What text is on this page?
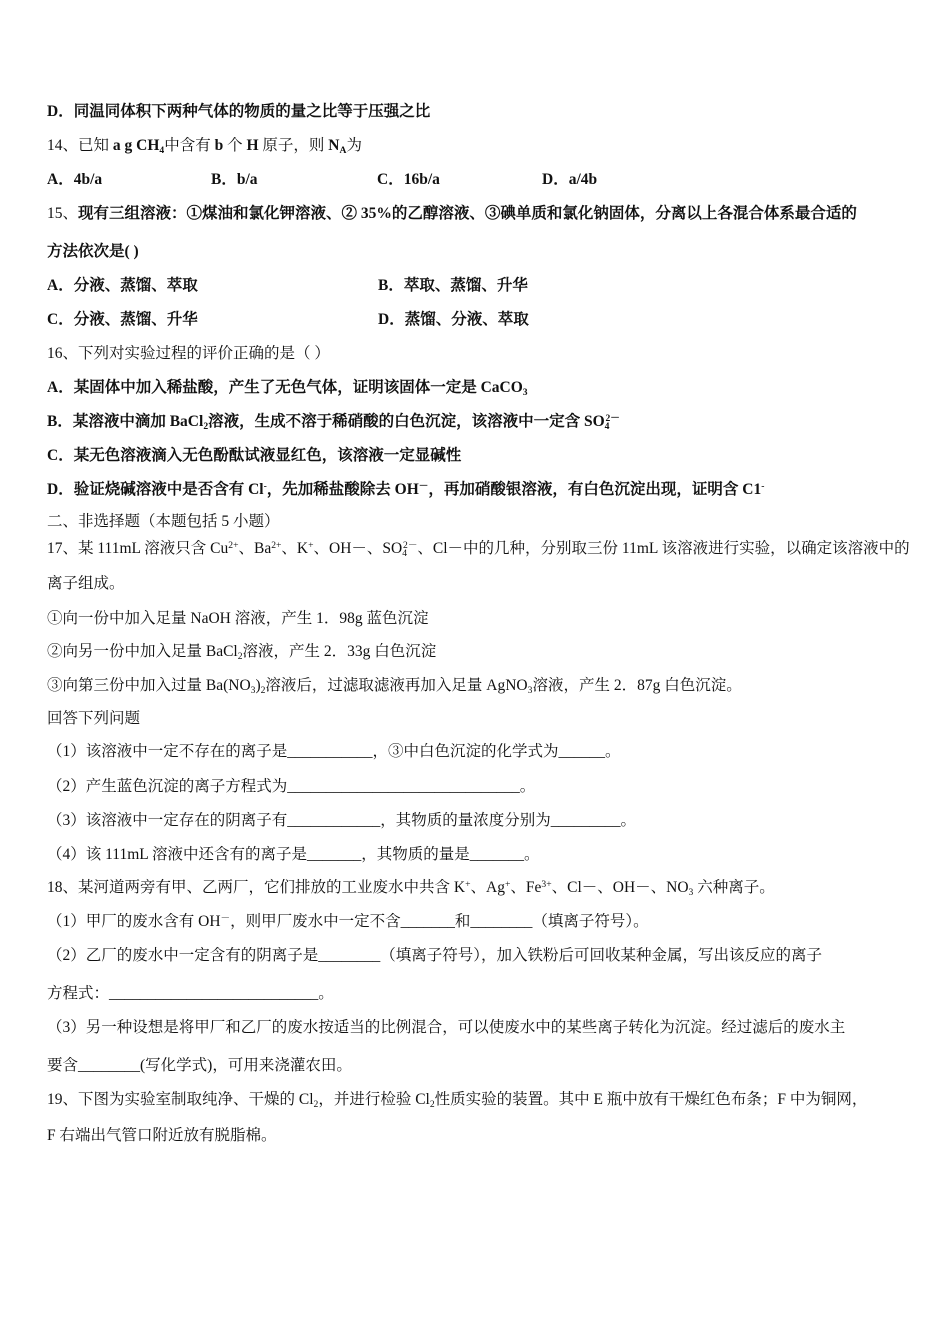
D．同温同体积下两种气体的物质的量之比等于压强之比
14、已知 a g $CH_4$中含有 b 个 H 原子，则 $N_A$为
A．4b/a	B．b/a	C．16b/a	D．a/4b
15、现有三组溶液：①煤油和氯化钾溶液、② 35%的乙醇溶液、③碘单质和氯化钠固体，分离以上各混合体系最合适的
方法依次是( )
A．分液、蒸馏、萃取	B．萃取、蒸馏、升华
C．分液、蒸馏、升华	D．蒸馏、分液、萃取
16、下列对实验过程的评价正确的是（ ）
A．某固体中加入稀盐酸，产生了无色气体，证明该固体一定是 CaCO$_3$
B．某溶液中滴加 BaCl$_2$溶液，生成不溶于稀硝酸的白色沉淀，该溶液中一定含 $SO_4^{2-}$
C．某无色溶液滴入无色酚酞试液显红色，该溶液一定显碱性
D．验证烧碱溶液中是否含有 Cl-，先加稀盐酸除去 OH－，再加硝酸银溶液，有白色沉淀出现，证明含 C1-
二、非选择题（本题包括 5 小题）
17、某 111mL 溶液只含 $Cu^{2+}$、$Ba^{2+}$、K+、OH－、$SO_4^{2-}$、Cl－中的几种，分别取三份 11mL 该溶液进行实验，以确定该溶液中的
离子组成。
①向一份中加入足量 NaOH 溶液，产生 1．98g 蓝色沉淀
②向另一份中加入足量 BaCl$_2$溶液，产生 2．33g 白色沉淀
③向第三份中加入过量 $Ba(NO_3)_2$溶液后，过滤取滤液再加入足量 AgNO$_3$溶液，产生 2．87g 白色沉淀。
回答下列问题
（1）该溶液中一定不存在的离子是___________，③中白色沉淀的化学式为______。
（2）产生蓝色沉淀的离子方程式为______________________________。
（3）该溶液中一定存在的阴离子有____________，其物质的量浓度分别为_________。
（4）该 111mL 溶液中还含有的离子是_______，其物质的量是_______。
18、某河道两旁有甲、乙两厂，它们排放的工业废水中共含 K+、Ag+、$Fe^{3+}$、Cl－、OH－、$NO_3$ 六种离子。
（1）甲厂的废水含有 OH－，则甲厂废水中一定不含_______和________（填离子符号）。
（2）乙厂的废水中一定含有的阴离子是________（填离子符号），加入铁粉后可回收某种金属，写出该反应的离子
方程式：___________________________。
（3）另一种设想是将甲厂和乙厂的废水按适当的比例混合，可以使废水中的某些离子转化为沉淀。经过滤后的废水主
要含________(写化学式)，可用来浇灌农田。
19、下图为实验室制取纯净、干燥的 $Cl_2$，并进行检验 $Cl_2$性质实验的装置。其中 E 瓶中放有干燥红色布条；F 中为铜网，
F 右端出气管口附近放有脱脂棉。
